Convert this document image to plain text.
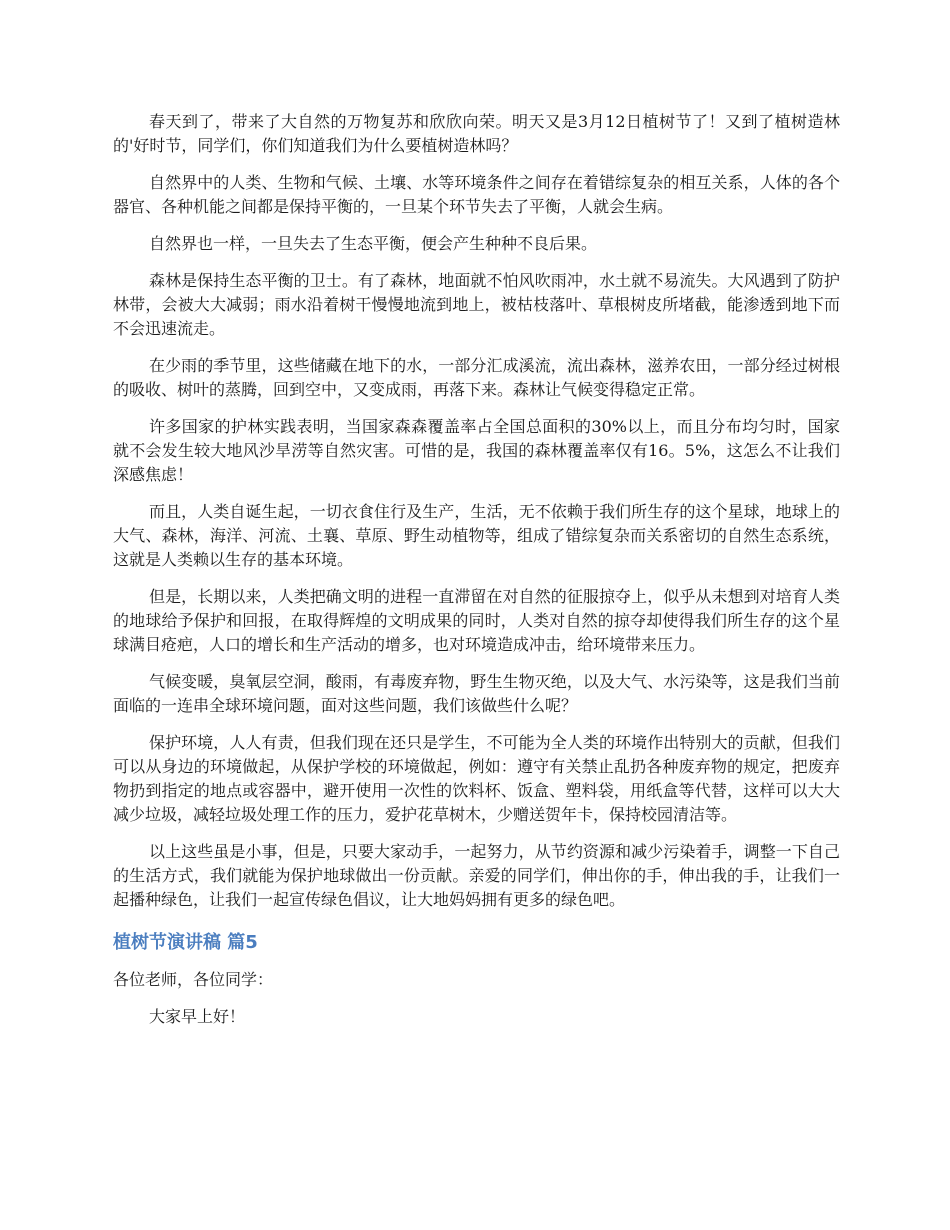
春天到了，带来了大自然的万物复苏和欣欣向荣。明天又是3月12日植树节了！又到了植树造林的'好时节，同学们，你们知道我们为什么要植树造林吗？

自然界中的人类、生物和气候、土壤、水等环境条件之间存在着错综复杂的相互关系，人体的各个器官、各种机能之间都是保持平衡的，一旦某个环节失去了平衡，人就会生病。

自然界也一样，一旦失去了生态平衡，便会产生种种不良后果。

森林是保持生态平衡的卫士。有了森林，地面就不怕风吹雨冲，水土就不易流失。大风遇到了防护林带，会被大大减弱；雨水沿着树干慢慢地流到地上，被枯枝落叶、草根树皮所堵截，能渗透到地下而不会迅速流走。

在少雨的季节里，这些储藏在地下的水，一部分汇成溪流，流出森林，滋养农田，一部分经过树根的吸收、树叶的蒸腾，回到空中，又变成雨，再落下来。森林让气候变得稳定正常。

许多国家的护林实践表明，当国家森森覆盖率占全国总面积的30%以上，而且分布均匀时，国家就不会发生较大地风沙旱涝等自然灾害。可惜的是，我国的森林覆盖率仅有16。5%，这怎么不让我们深感焦虑！

而且，人类自诞生起，一切衣食住行及生产，生活，无不依赖于我们所生存的这个星球，地球上的大气、森林，海洋、河流、土襄、草原、野生动植物等，组成了错综复杂而关系密切的自然生态系统，这就是人类赖以生存的基本环境。

但是，长期以来，人类把确文明的进程一直滞留在对自然的征服掠夺上，似乎从未想到对培育人类的地球给予保护和回报，在取得辉煌的文明成果的同时，人类对自然的掠夺却使得我们所生存的这个星球满目疮疤，人口的增长和生产活动的增多，也对环境造成冲击，给环境带来压力。

气候变暖，臭氧层空洞，酸雨，有毒废弃物，野生生物灭绝，以及大气、水污染等，这是我们当前面临的一连串全球环境问题，面对这些问题，我们该做些什么呢？

保护环境，人人有责，但我们现在还只是学生，不可能为全人类的环境作出特别大的贡献，但我们可以从身边的环境做起，从保护学校的环境做起，例如：遵守有关禁止乱扔各种废弃物的规定，把废弃物扔到指定的地点或容器中，避开使用一次性的饮料杯、饭盒、塑料袋，用纸盒等代替，这样可以大大减少垃圾，减轻垃圾处理工作的压力，爱护花草树木，少赠送贺年卡，保持校园清洁等。

以上这些虽是小事，但是，只要大家动手，一起努力，从节约资源和减少污染着手，调整一下自己的生活方式，我们就能为保护地球做出一份贡献。亲爱的同学们，伸出你的手，伸出我的手，让我们一起播种绿色，让我们一起宣传绿色倡议，让大地妈妈拥有更多的绿色吧。

植树节演讲稿 篇5

各位老师，各位同学：

大家早上好！
